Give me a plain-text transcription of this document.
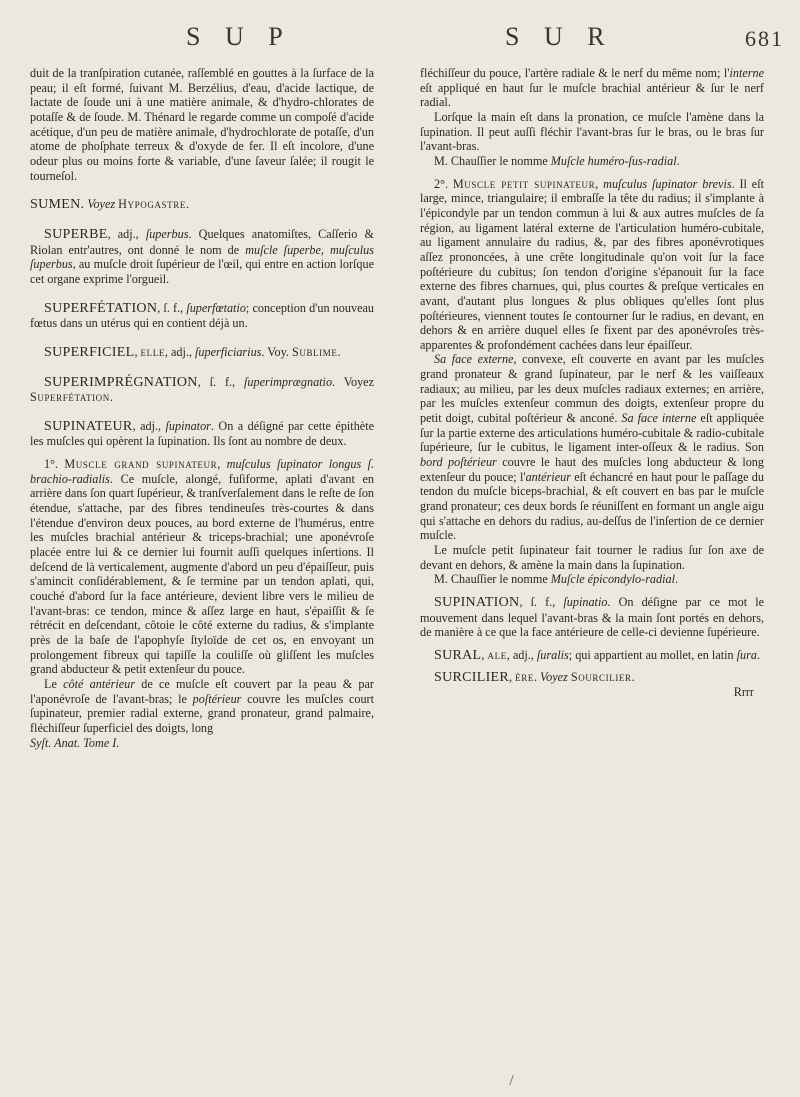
S U P	S U R	681

duit de la tranſpiration cutanée, raſſemblé en gouttes à la ſurface de la peau; il eſt formé, ſuivant M. Berzélius, d'eau, d'acide lactique, de lactate de ſoude uni à une matière animale, & d'hydro-chlorates de potaſſe & de ſoude. M. Thénard le regarde comme un compoſé d'acide acétique, d'un peu de matière animale, d'hydrochlorate de potaſſe, d'un atome de phoſphate terreux & d'oxyde de fer. Il eſt incolore, d'une odeur plus ou moins forte & variable, d'une ſaveur ſalée; il rougit le tourneſol.

SUMEN. Voyez Hypogastre.

SUPERBE, adj., ſuperbus. Quelques anatomiſtes, Caſſerio & Riolan entr'autres, ont donné le nom de muſcle ſuperbe, muſculus ſuperbus, au muſcle droit ſupérieur de l'œil, qui entre en action lorſque cet organe exprime l'orgueil.

SUPERFÉTATION, ſ. f., ſuperfœtatio; conception d'un nouveau fœtus dans un utérus qui en contient déjà un.

SUPERFICIEL, elle, adj., ſuperficiarius. Voy. Sublime.

SUPERIMPRÉGNATION, ſ. f., ſuperimprægnatio. Voyez Superfétation.

SUPINATEUR, adj., ſupinator. On a déſigné par cette épithète les muſcles qui opèrent la ſupination. Ils ſont au nombre de deux.

1°. Muscle grand supinateur, muſculus ſupinator longus ſ. brachio-radialis. Ce muſcle, alongé, fuſiforme, aplati d'avant en arrière dans ſon quart ſupérieur, & tranſverſalement dans le reſte de ſon étendue, s'attache, par des fibres tendineuſes très-courtes & dans l'étendue d'environ deux pouces, au bord externe de l'humérus, entre les muſcles brachial antérieur & triceps-brachial; une aponévroſe placée entre lui & ce dernier lui fournit auſſi quelques inſertions. Il deſcend de là verticalement, augmente d'abord un peu d'épaiſſeur, puis s'amincit conſidérablement, & ſe termine par un tendon aplati, qui, couché d'abord ſur la face antérieure, devient libre vers le milieu de l'avant-bras: ce tendon, mince & aſſez large en haut, s'épaiſſit & ſe rétrécit en deſcendant, côtoie le côté externe du radius, & s'implante près de la baſe de l'apophyſe ſtyloïde de cet os, en envoyant un prolongement fibreux qui tapiſſe la couliſſe où gliſſent les muſcles grand abducteur & petit extenſeur du pouce.

Le côté antérieur de ce muſcle eſt couvert par la peau & par l'aponévroſe de l'avant-bras; le poſtérieur couvre les muſcles court ſupinateur, premier radial externe, grand pronateur, grand palmaire, fléchiſſeur ſuperficiel des doigts, long

Syſt. Anat. Tome I.

fléchiſſeur du pouce, l'artère radiale & le nerf du même nom; l'interne eſt appliqué en haut ſur le muſcle brachial antérieur & ſur le nerf radial.

Lorſque la main eſt dans la pronation, ce muſcle l'amène dans la ſupination. Il peut auſſi fléchir l'avant-bras ſur le bras, ou le bras ſur l'avant-bras.

M. Chauſſier le nomme Muſcle huméro-ſus-radial.

2°. Muscle petit supinateur, muſculus ſupinator brevis. Il eſt large, mince, triangulaire; il embraſſe la tête du radius; il s'implante à l'épicondyle par un tendon commun à lui & aux autres muſcles de ſa région, au ligament latéral externe de l'articulation huméro-cubitale, au ligament annulaire du radius, &, par des fibres aponévrotiques aſſez prononcées, à une crête longitudinale qu'on voit ſur la face poſtérieure du cubitus; ſon tendon d'origine s'épanouit ſur la face externe des fibres charnues, qui, plus courtes & preſque verticales en avant, d'autant plus longues & plus obliques qu'elles ſont plus poſtérieures, viennent toutes ſe contourner ſur le radius, en devant, en dehors & en arrière duquel elles ſe fixent par des aponévroſes très-apparentes & profondément cachées dans leur épaiſſeur.

Sa face externe, convexe, eſt couverte en avant par les muſcles grand pronateur & grand ſupinateur, par le nerf & les vaiſſeaux radiaux; au milieu, par les deux muſcles radiaux externes; en arrière, par les muſcles extenſeur commun des doigts, extenſeur propre du petit doigt, cubital poſtérieur & anconé. Sa face interne eſt appliquée ſur la partie externe des articulations huméro-cubitale & radio-cubitale ſupérieure, ſur le cubitus, le ligament inter-oſſeux & le radius. Son bord poſtérieur couvre le haut des muſcles long abducteur & long extenſeur du pouce; l'antérieur eſt échancré en haut pour le paſſage du tendon du muſcle biceps-brachial, & eſt couvert en bas par le muſcle grand pronateur; ces deux bords ſe réuniſſent en formant un angle aigu qui s'attache en dehors du radius, au-deſſus de l'inſertion de ce dernier muſcle.

Le muſcle petit ſupinateur fait tourner le radius ſur ſon axe de devant en dehors, & amène la main dans la ſupination.

M. Chauſſier le nomme Muſcle épicondylo-radial.

SUPINATION, ſ. f., ſupinatio. On déſigne par ce mot le mouvement dans lequel l'avant-bras & la main ſont portés en dehors, de manière à ce que la face antérieure de celle-ci devienne ſupérieure.

SURAL, ale, adj., ſuralis; qui appartient au mollet, en latin ſura.

SURCILIER, ère. Voyez Sourcilier.

Rrrr
